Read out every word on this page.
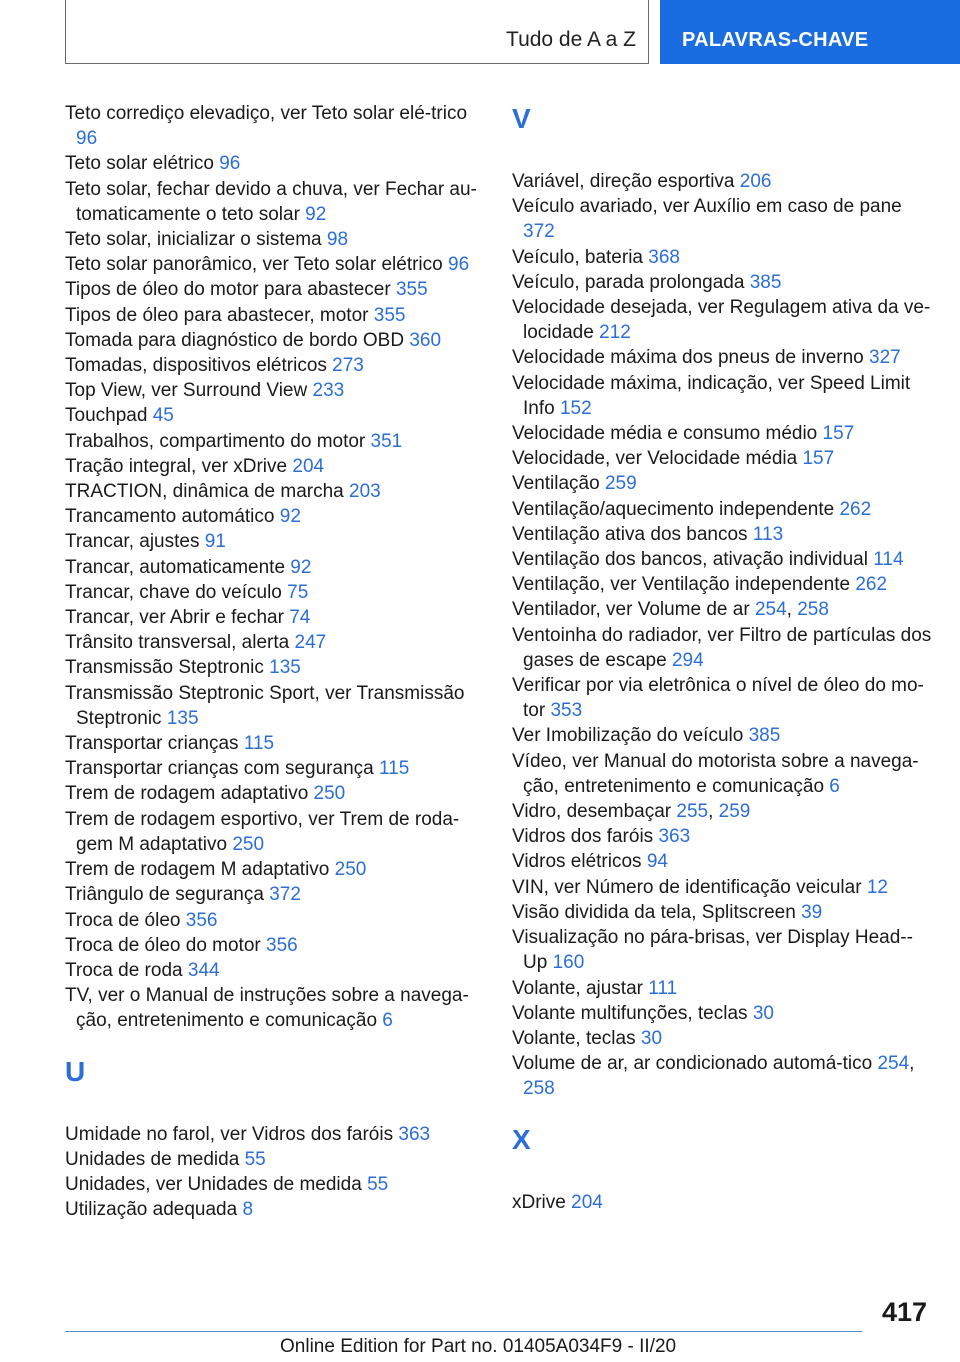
Tudo de A a Z PALAVRAS-CHAVE
Teto corrediço elevadiço, ver Teto solar elé-trico 96
Teto solar elétrico 96
Teto solar, fechar devido a chuva, ver Fechar au-tomaticamente o teto solar 92
Teto solar, inicializar o sistema 98
Teto solar panorâmico, ver Teto solar elétrico 96
Tipos de óleo do motor para abastecer 355
Tipos de óleo para abastecer, motor 355
Tomada para diagnóstico de bordo OBD 360
Tomadas, dispositivos elétricos 273
Top View, ver Surround View 233
Touchpad 45
Trabalhos, compartimento do motor 351
Tração integral, ver xDrive 204
TRACTION, dinâmica de marcha 203
Trancamento automático 92
Trancar, ajustes 91
Trancar, automaticamente 92
Trancar, chave do veículo 75
Trancar, ver Abrir e fechar 74
Trânsito transversal, alerta 247
Transmissão Steptronic 135
Transmissão Steptronic Sport, ver Transmissão Steptronic 135
Transportar crianças 115
Transportar crianças com segurança 115
Trem de rodagem adaptativo 250
Trem de rodagem esportivo, ver Trem de roda-gem M adaptativo 250
Trem de rodagem M adaptativo 250
Triângulo de segurança 372
Troca de óleo 356
Troca de óleo do motor 356
Troca de roda 344
TV, ver o Manual de instruções sobre a navega-ção, entretenimento e comunicação 6
U
Umidade no farol, ver Vidros dos faróis 363
Unidades de medida 55
Unidades, ver Unidades de medida 55
Utilização adequada 8
V
Variável, direção esportiva 206
Veículo avariado, ver Auxílio em caso de pane 372
Veículo, bateria 368
Veículo, parada prolongada 385
Velocidade desejada, ver Regulagem ativa da ve-locidade 212
Velocidade máxima dos pneus de inverno 327
Velocidade máxima, indicação, ver Speed Limit Info 152
Velocidade média e consumo médio 157
Velocidade, ver Velocidade média 157
Ventilação 259
Ventilação/aquecimento independente 262
Ventilação ativa dos bancos 113
Ventilação dos bancos, ativação individual 114
Ventilação, ver Ventilação independente 262
Ventilador, ver Volume de ar 254, 258
Ventoinha do radiador, ver Filtro de partículas dos gases de escape 294
Verificar por via eletrônica o nível de óleo do mo-tor 353
Ver Imobilização do veículo 385
Vídeo, ver Manual do motorista sobre a navega-ção, entretenimento e comunicação 6
Vidro, desembaçar 255, 259
Vidros dos faróis 363
Vidros elétricos 94
VIN, ver Número de identificação veicular 12
Visão dividida da tela, Splitscreen 39
Visualização no pára-brisas, ver Display Head--Up 160
Volante, ajustar 111
Volante multifunções, teclas 30
Volante, teclas 30
Volume de ar, ar condicionado automá-tico 254, 258
X
xDrive 204
417
Online Edition for Part no. 01405A034F9 - II/20
